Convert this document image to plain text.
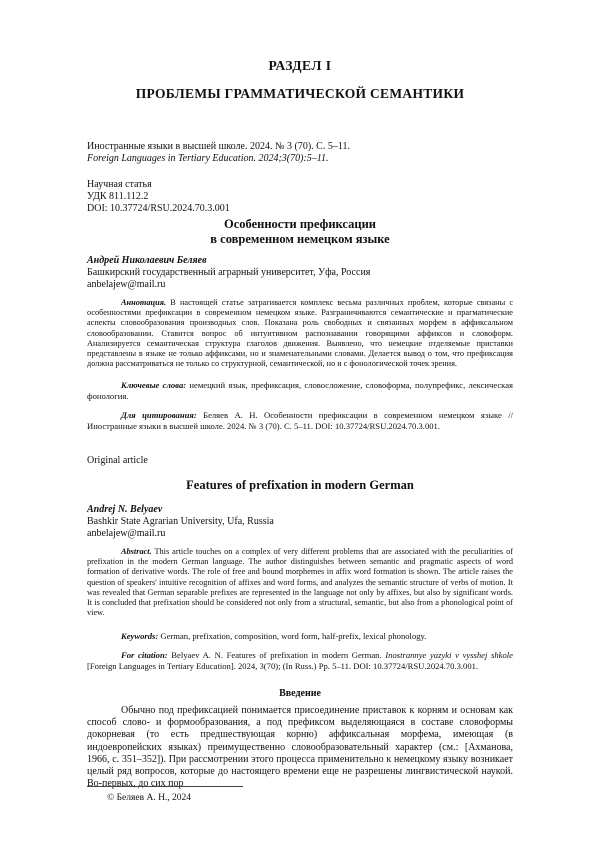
РАЗДЕЛ I
ПРОБЛЕМЫ ГРАММАТИЧЕСКОЙ СЕМАНТИКИ
Иностранные языки в высшей школе. 2024. № 3 (70). С. 5–11.
Foreign Languages in Tertiary Education. 2024;3(70):5–11.
Научная статья
УДК 811.112.2
DOI: 10.37724/RSU.2024.70.3.001
Особенности префиксации
в современном немецком языке
Андрей Николаевич Беляев
Башкирский государственный аграрный университет, Уфа, Россия
anbelajew@mail.ru
Аннотация. В настоящей статье затрагивается комплекс весьма различных проблем, которые связаны с особенностями префиксации в современном немецком языке. Разграничиваются семантические и прагматические аспекты словообразования производных слов. Показана роль свободных и связанных морфем в аффиксальном словообразовании. Ставится вопрос об интуитивном распознавании говорящими аффиксов и словоформ. Анализируется семантическая структура глаголов движения. Выявлено, что немецкие отделяемые приставки представлены в языке не только аффиксами, но и знаменательными словами. Делается вывод о том, что префиксация должна рассматриваться не только со структурной, семантической, но и с фонологической точек зрения.
Ключевые слова: немецкий язык, префиксация, словосложение, словоформа, полупрефикс, лексическая фонология.
Для цитирования: Беляев А. Н. Особенности префиксации в современном немецком языке // Иностранные языки в высшей школе. 2024. № 3 (70). С. 5–11. DOI: 10.37724/RSU.2024.70.3.001.
Original article
Features of prefixation in modern German
Andrej N. Belyaev
Bashkir State Agrarian University, Ufa, Russia
anbelajew@mail.ru
Abstract. This article touches on a complex of very different problems that are associated with the peculiarities of prefixation in the modern German language. The author distinguishes between semantic and pragmatic aspects of word formation of derivative words. The role of free and bound morphemes in affix word formation is shown. The article raises the question of speakers' intuitive recognition of affixes and word forms, and analyzes the semantic structure of verbs of motion. It was revealed that German separable prefixes are represented in the language not only by affixes, but also by significant words. It is concluded that prefixation should be considered not only from a structural, semantic, but also from a phonological point of view.
Keywords: German, prefixation, composition, word form, half-prefix, lexical phonology.
For citation: Belyaev A. N. Features of prefixation in modern German. Inostrannye yazyki v vysshej shkole [Foreign Languages in Tertiary Education]. 2024, 3(70); (In Russ.) Pp. 5–11. DOI: 10.37724/RSU.2024.70.3.001.
Введение
Обычно под префиксацией понимается присоединение приставок к корням и основам как способ слово- и формообразования, а под префиксом выделяющаяся в составе словоформы докорневая (то есть предшествующая корню) аффиксальная морфема, имеющая (в индоевропейских языках) преимущественно словообразовательный характер (см.: [Ахманова, 1966, с. 351–352]). При рассмотрении этого процесса применительно к немецкому языку возникает целый ряд вопросов, которые до настоящего времени еще не разрешены лингвистической наукой. Во-первых, до сих пор
© Беляев А. Н., 2024
